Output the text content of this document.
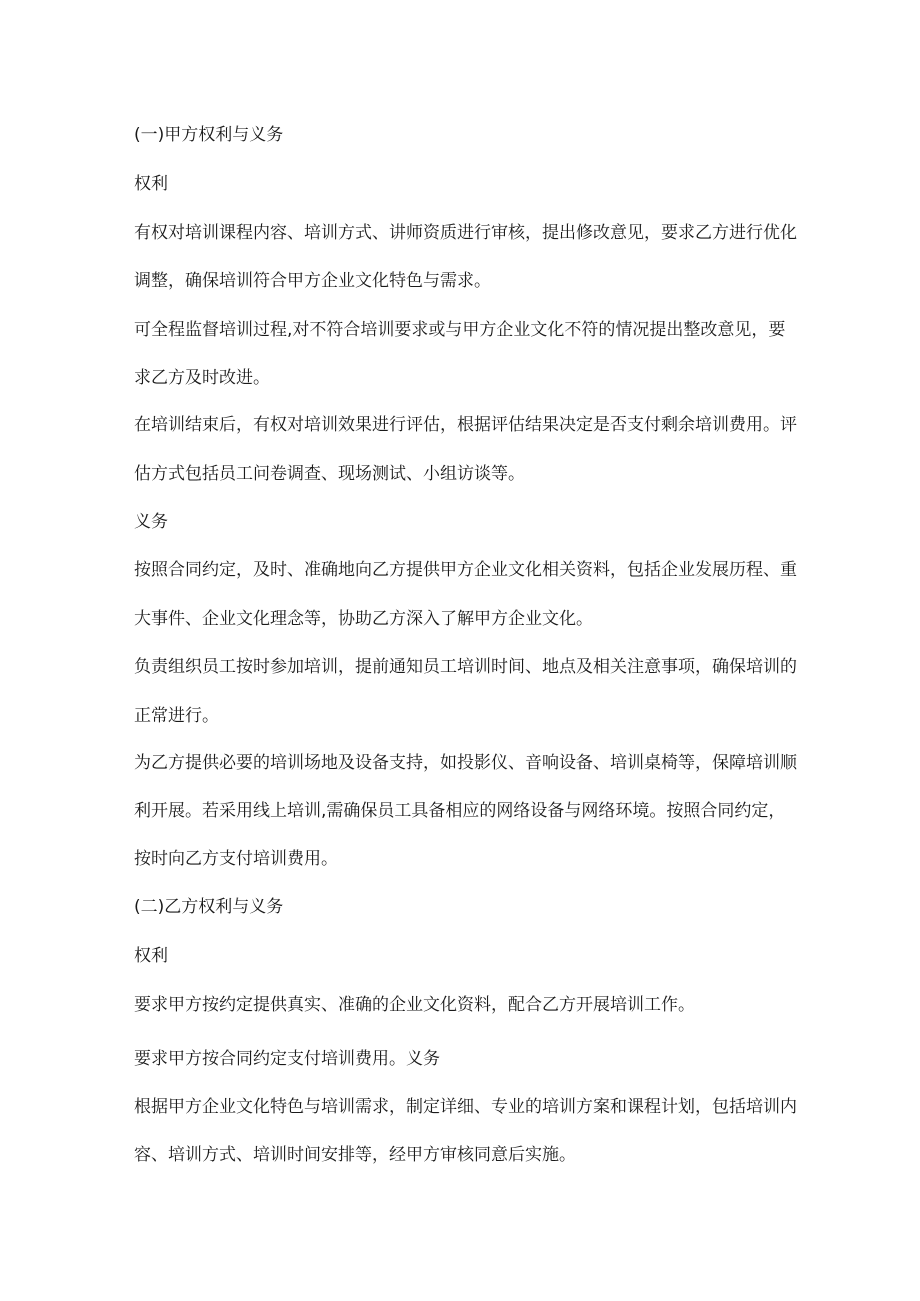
(一)甲方权利与义务
权利
有权对培训课程内容、培训方式、讲师资质进行审核，提出修改意见，要求乙方进行优化
调整，确保培训符合甲方企业文化特色与需求。
可全程监督培训过程,对不符合培训要求或与甲方企业文化不符的情况提出整改意见，要
求乙方及时改进。
在培训结束后，有权对培训效果进行评估，根据评估结果决定是否支付剩余培训费用。评
估方式包括员工问卷调查、现场测试、小组访谈等。
义务
按照合同约定，及时、准确地向乙方提供甲方企业文化相关资料，包括企业发展历程、重
大事件、企业文化理念等，协助乙方深入了解甲方企业文化。
负责组织员工按时参加培训，提前通知员工培训时间、地点及相关注意事项，确保培训的
正常进行。
为乙方提供必要的培训场地及设备支持，如投影仪、音响设备、培训桌椅等，保障培训顺
利开展。若采用线上培训,需确保员工具备相应的网络设备与网络环境。按照合同约定，
按时向乙方支付培训费用。
(二)乙方权利与义务
权利
要求甲方按约定提供真实、准确的企业文化资料，配合乙方开展培训工作。
要求甲方按合同约定支付培训费用。义务
根据甲方企业文化特色与培训需求，制定详细、专业的培训方案和课程计划，包括培训内
容、培训方式、培训时间安排等，经甲方审核同意后实施。
